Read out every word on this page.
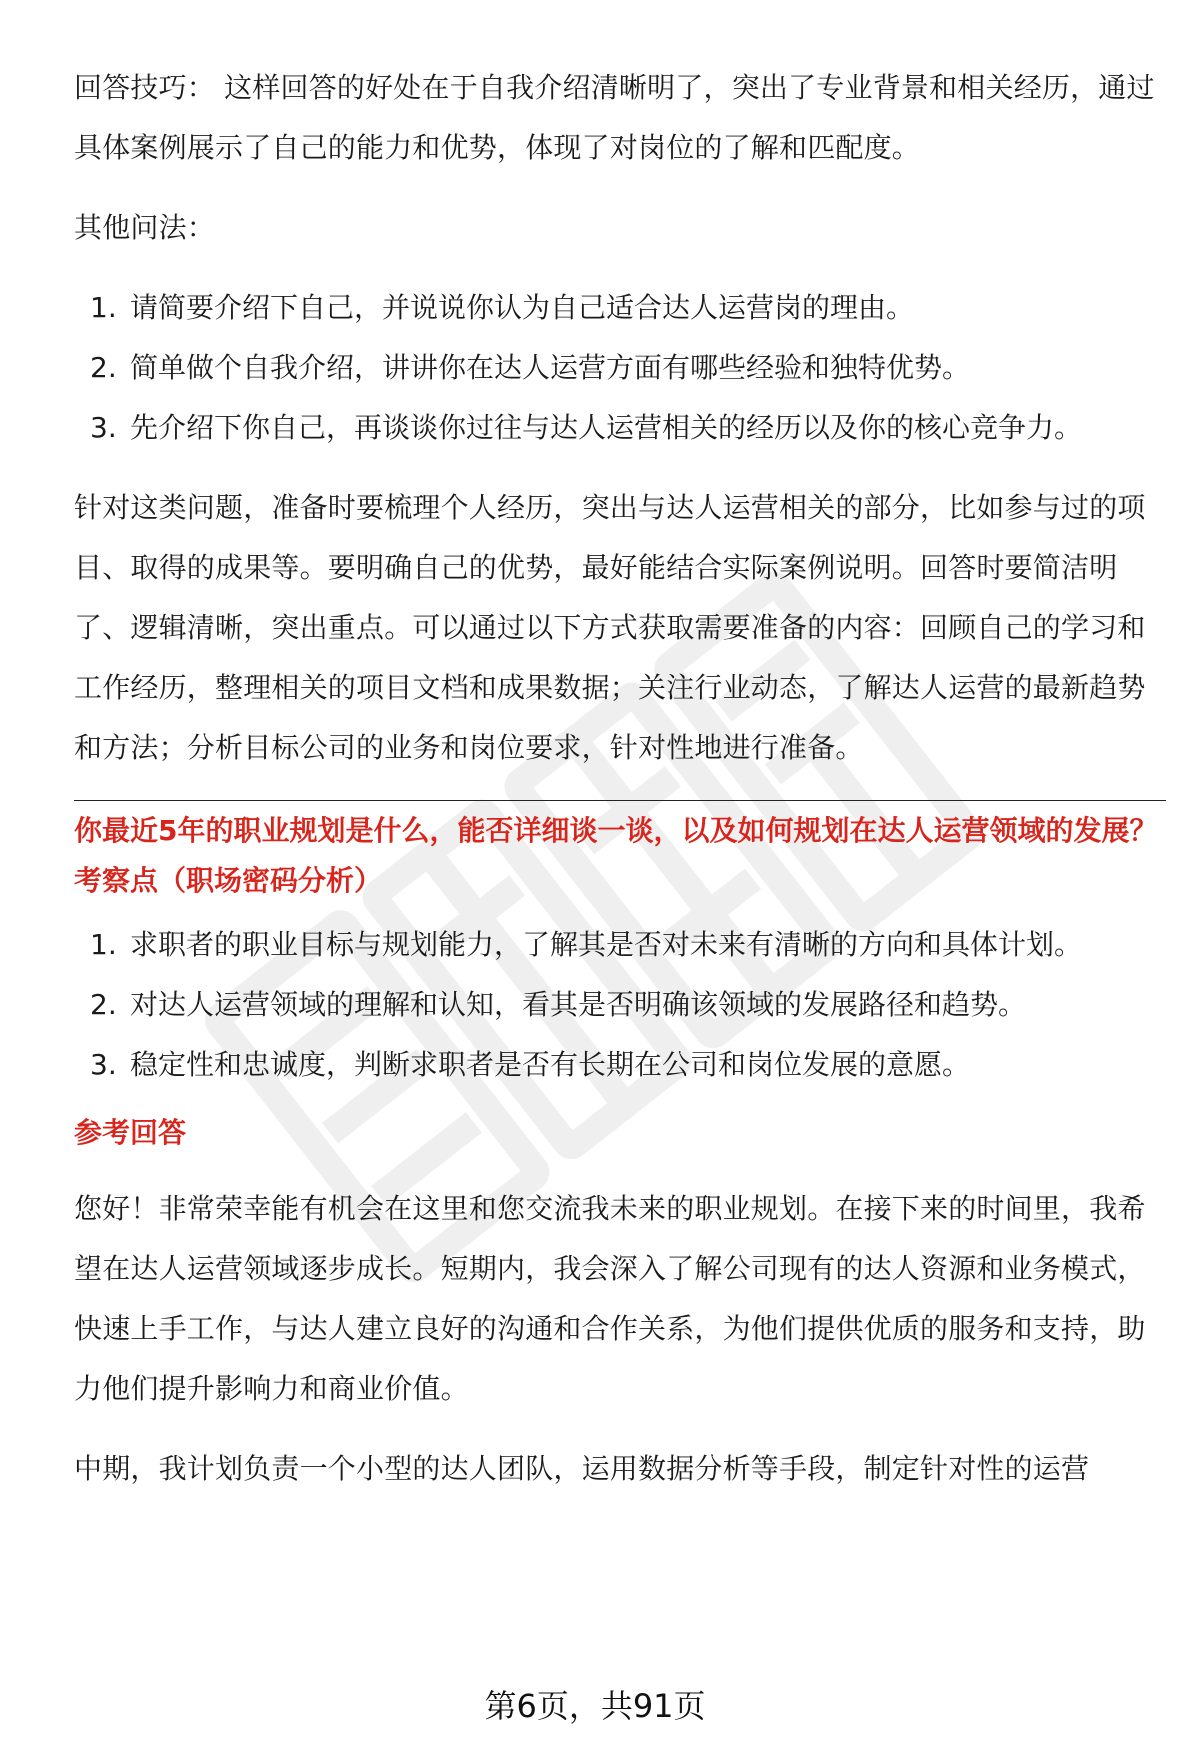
回答技巧： 这样回答的好处在于自我介绍清晰明了，突出了专业背景和相关经历，通过具体案例展示了自己的能力和优势，体现了对岗位的了解和匹配度。

其他问法：

1. 请简要介绍下自己，并说说你认为自己适合达人运营岗的理由。
2. 简单做个自我介绍，讲讲你在达人运营方面有哪些经验和独特优势。
3. 先介绍下你自己，再谈谈你过往与达人运营相关的经历以及你的核心竞争力。

针对这类问题，准备时要梳理个人经历，突出与达人运营相关的部分，比如参与过的项目、取得的成果等。要明确自己的优势，最好能结合实际案例说明。回答时要简洁明了、逻辑清晰，突出重点。可以通过以下方式获取需要准备的内容：回顾自己的学习和工作经历，整理相关的项目文档和成果数据；关注行业动态，了解达人运营的最新趋势和方法；分析目标公司的业务和岗位要求，针对性地进行准备。

你最近5年的职业规划是什么，能否详细谈一谈，以及如何规划在达人运营领域的发展？
考察点（职场密码分析）
1. 求职者的职业目标与规划能力，了解其是否对未来有清晰的方向和具体计划。
2. 对达人运营领域的理解和认知，看其是否明确该领域的发展路径和趋势。
3. 稳定性和忠诚度，判断求职者是否有长期在公司和岗位发展的意愿。
参考回答

您好！非常荣幸能有机会在这里和您交流我未来的职业规划。在接下来的时间里，我希望在达人运营领域逐步成长。短期内，我会深入了解公司现有的达人资源和业务模式，快速上手工作，与达人建立良好的沟通和合作关系，为他们提供优质的服务和支持，助力他们提升影响力和商业价值。

中期，我计划负责一个小型的达人团队，运用数据分析等手段，制定针对性的运营

第6页，共91页
